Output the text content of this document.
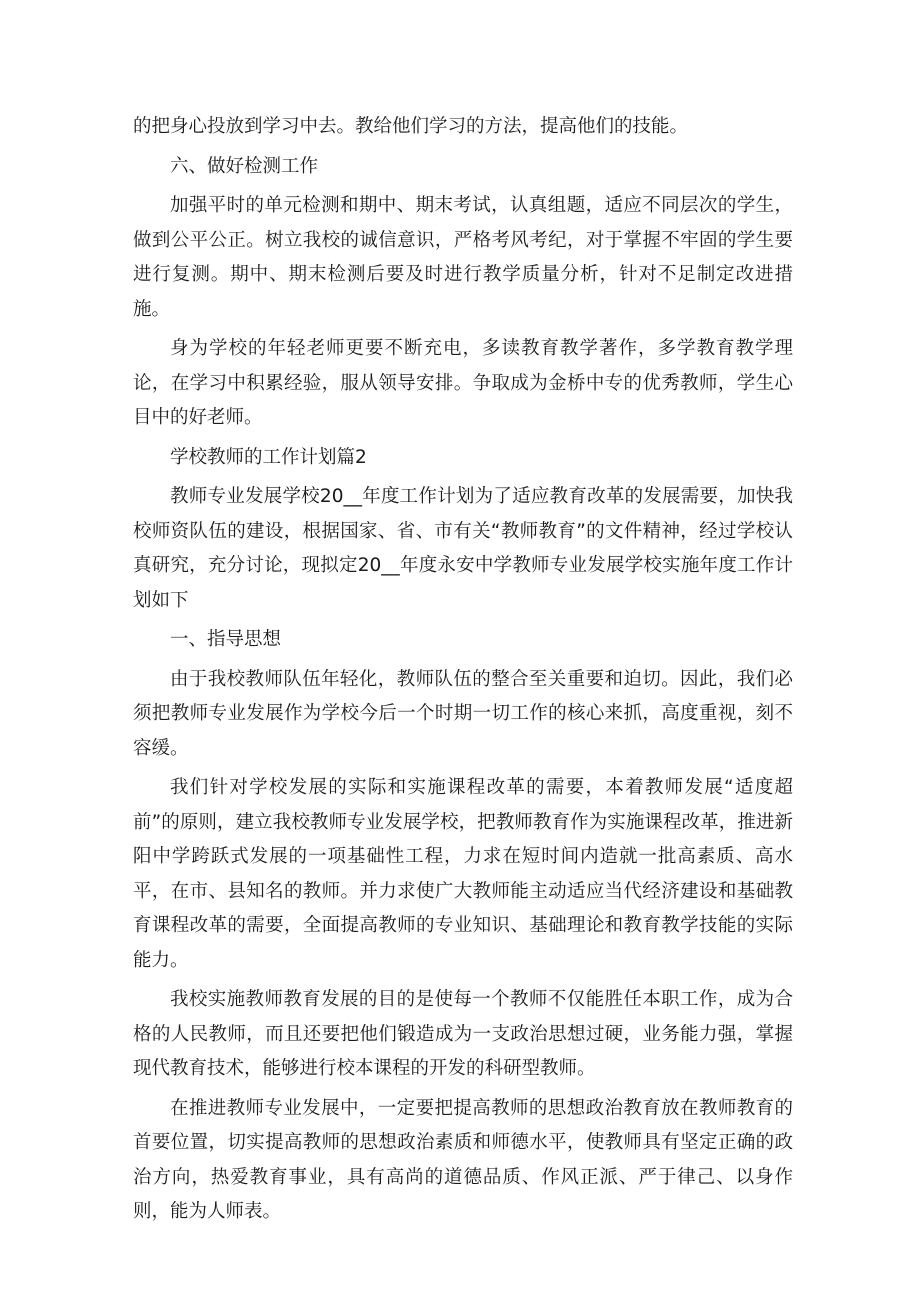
的把身心投放到学习中去。教给他们学习的方法，提高他们的技能。

六、做好检测工作

加强平时的单元检测和期中、期末考试，认真组题，适应不同层次的学生，做到公平公正。树立我校的诚信意识，严格考风考纪，对于掌握不牢固的学生要进行复测。期中、期末检测后要及时进行教学质量分析，针对不足制定改进措施。

身为学校的年轻老师更要不断充电，多读教育教学著作，多学教育教学理论，在学习中积累经验，服从领导安排。争取成为金桥中专的优秀教师，学生心目中的好老师。

学校教师的工作计划篇2

教师专业发展学校20__年度工作计划为了适应教育改革的发展需要，加快我校师资队伍的建设，根据国家、省、市有关“教师教育”的文件精神，经过学校认真研究，充分讨论，现拟定20__年度永安中学教师专业发展学校实施年度工作计划如下

一、指导思想

由于我校教师队伍年轻化，教师队伍的整合至关重要和迫切。因此，我们必须把教师专业发展作为学校今后一个时期一切工作的核心来抓，高度重视，刻不容缓。

我们针对学校发展的实际和实施课程改革的需要，本着教师发展“适度超前”的原则，建立我校教师专业发展学校，把教师教育作为实施课程改革，推进新阳中学跨跃式发展的一项基础性工程，力求在短时间内造就一批高素质、高水平，在市、县知名的教师。并力求使广大教师能主动适应当代经济建设和基础教育课程改革的需要，全面提高教师的专业知识、基础理论和教育教学技能的实际能力。

我校实施教师教育发展的目的是使每一个教师不仅能胜任本职工作，成为合格的人民教师，而且还要把他们锻造成为一支政治思想过硬，业务能力强，掌握现代教育技术，能够进行校本课程的开发的科研型教师。

在推进教师专业发展中，一定要把提高教师的思想政治教育放在教师教育的首要位置，切实提高教师的思想政治素质和师德水平，使教师具有坚定正确的政治方向，热爱教育事业，具有高尚的道德品质、作风正派、严于律己、以身作则，能为人师表。
